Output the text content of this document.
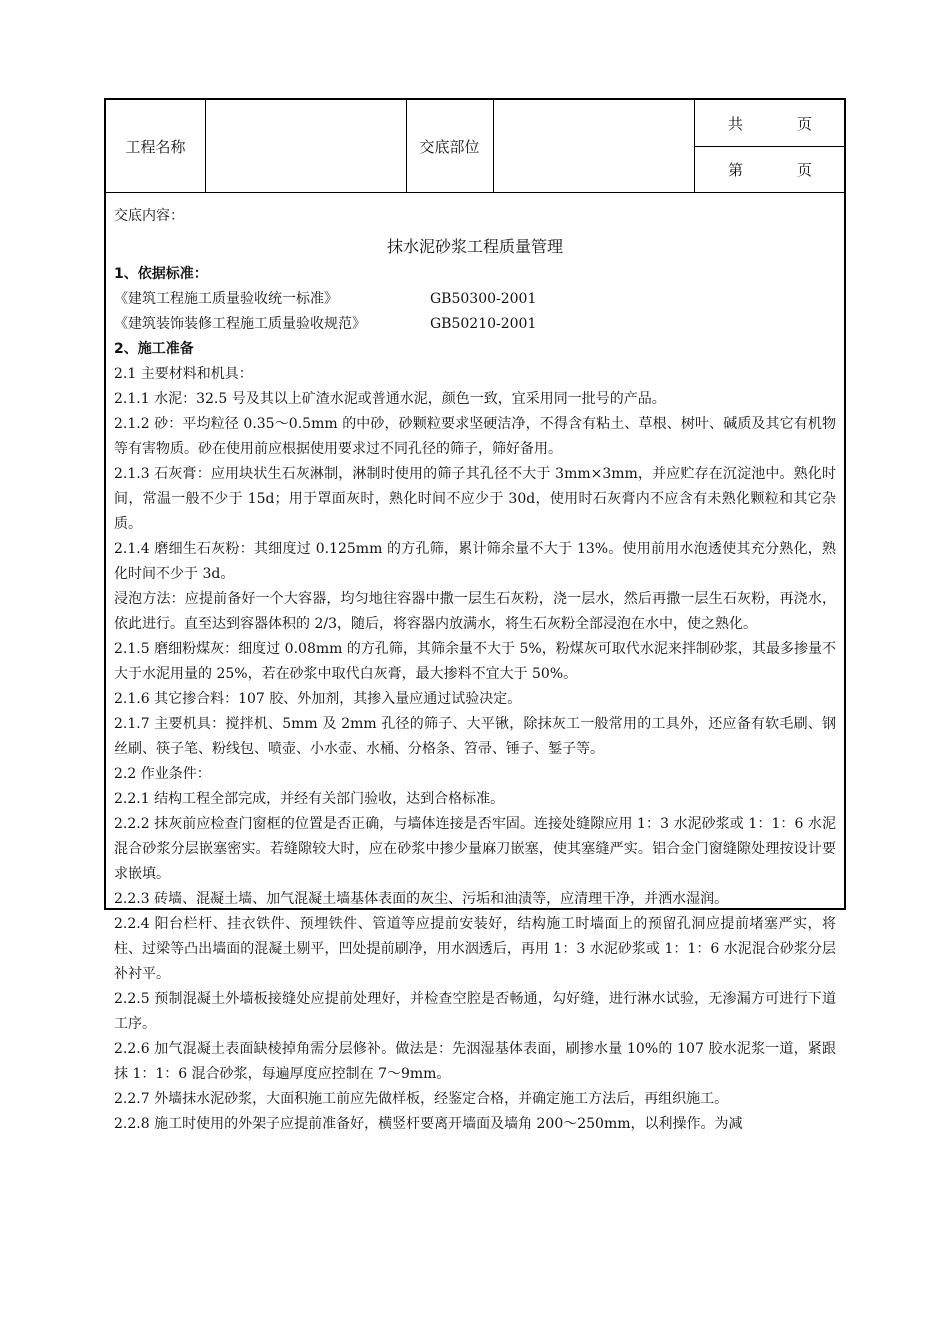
工程名称	交底部位
共	页
第	页

交底内容：

抹水泥砂浆工程质量管理

1、依据标准：

《建筑工程施工质量验收统一标准》	GB50300-2001
《建筑装饰装修工程施工质量验收规范》	GB50210-2001

2、施工准备

2.1 主要材料和机具：

2.1.1 水泥：32.5 号及其以上矿渣水泥或普通水泥，颜色一致，宜采用同一批号的产品。

2.1.2 砂：平均粒径 0.35～0.5mm 的中砂，砂颗粒要求坚硬洁净，不得含有粘土、草根、树叶、碱质及其它有机物等有害物质。砂在使用前应根据使用要求过不同孔径的筛子，筛好备用。

2.1.3 石灰膏：应用块状生石灰淋制，淋制时使用的筛子其孔径不大于 3mm×3mm，并应贮存在沉淀池中。熟化时间，常温一般不少于 15d；用于罩面灰时，熟化时间不应少于 30d，使用时石灰膏内不应含有未熟化颗粒和其它杂质。

2.1.4 磨细生石灰粉：其细度过 0.125mm 的方孔筛，累计筛余量不大于 13%。使用前用水泡透使其充分熟化，熟化时间不少于 3d。

浸泡方法：应提前备好一个大容器，均匀地往容器中撒一层生石灰粉，浇一层水，然后再撒一层生石灰粉，再浇水，依此进行。直至达到容器体积的 2/3，随后，将容器内放满水，将生石灰粉全部浸泡在水中，使之熟化。

2.1.5 磨细粉煤灰：细度过 0.08mm 的方孔筛，其筛余量不大于 5%，粉煤灰可取代水泥来拌制砂浆，其最多掺量不大于水泥用量的 25%，若在砂浆中取代白灰膏，最大掺料不宜大于 50%。

2.1.6 其它掺合料：107 胶、外加剂，其掺入量应通过试验决定。

2.1.7 主要机具：搅拌机、5mm 及 2mm 孔径的筛子、大平锹，除抹灰工一般常用的工具外，还应备有软毛刷、钢丝刷、筷子笔、粉线包、喷壶、小水壶、水桶、分格条、笤帚、锤子、錾子等。

2.2 作业条件：

2.2.1 结构工程全部完成，并经有关部门验收，达到合格标准。

2.2.2 抹灰前应检查门窗框的位置是否正确，与墙体连接是否牢固。连接处缝隙应用 1：3 水泥砂浆或 1：1：6 水泥混合砂浆分层嵌塞密实。若缝隙较大时，应在砂浆中掺少量麻刀嵌塞，使其塞缝严实。铝合金门窗缝隙处理按设计要求嵌填。

2.2.3 砖墙、混凝土墙、加气混凝土墙基体表面的灰尘、污垢和油渍等，应清理干净，并洒水湿润。

2.2.4 阳台栏杆、挂衣铁件、预埋铁件、管道等应提前安装好，结构施工时墙面上的预留孔洞应提前堵塞严实，将柱、过梁等凸出墙面的混凝土剔平，凹处提前刷净，用水洇透后，再用 1：3 水泥砂浆或 1：1：6 水泥混合砂浆分层补衬平。

2.2.5 预制混凝土外墙板接缝处应提前处理好，并检查空腔是否畅通，勾好缝，进行淋水试验，无渗漏方可进行下道工序。

2.2.6 加气混凝土表面缺棱掉角需分层修补。做法是：先洇湿基体表面，刷掺水量 10%的 107 胶水泥浆一道，紧跟抹 1：1：6 混合砂浆，每遍厚度应控制在 7～9mm。

2.2.7 外墙抹水泥砂浆，大面积施工前应先做样板，经鉴定合格，并确定施工方法后，再组织施工。

2.2.8 施工时使用的外架子应提前准备好，横竖杆要离开墙面及墙角 200～250mm，以利操作。为减
